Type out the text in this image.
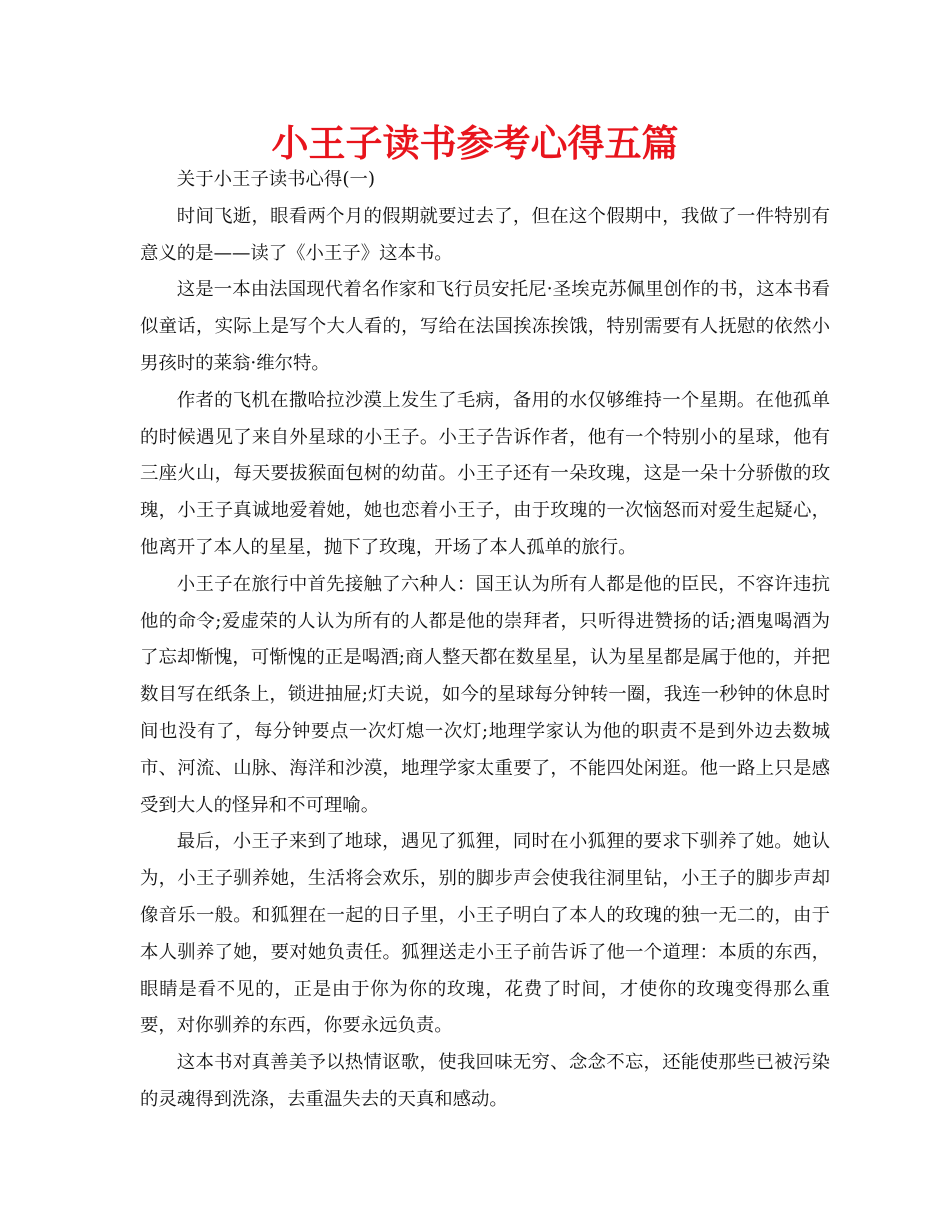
小王子读书参考心得五篇

关于小王子读书心得(一)

时间飞逝，眼看两个月的假期就要过去了，但在这个假期中，我做了一件特别有意义的是——读了《小王子》这本书。

这是一本由法国现代着名作家和飞行员安托尼·圣埃克苏佩里创作的书，这本书看似童话，实际上是写个大人看的，写给在法国挨冻挨饿，特别需要有人抚慰的依然小男孩时的莱翁·维尔特。

作者的飞机在撒哈拉沙漠上发生了毛病，备用的水仅够维持一个星期。在他孤单的时候遇见了来自外星球的小王子。小王子告诉作者，他有一个特别小的星球，他有三座火山，每天要拔猴面包树的幼苗。小王子还有一朵玫瑰，这是一朵十分骄傲的玫瑰，小王子真诚地爱着她，她也恋着小王子，由于玫瑰的一次恼怒而对爱生起疑心，他离开了本人的星星，抛下了玫瑰，开场了本人孤单的旅行。

小王子在旅行中首先接触了六种人：国王认为所有人都是他的臣民，不容许违抗他的命令;爱虚荣的人认为所有的人都是他的崇拜者，只听得进赞扬的话;酒鬼喝酒为了忘却惭愧，可惭愧的正是喝酒;商人整天都在数星星，认为星星都是属于他的，并把数目写在纸条上，锁进抽屉;灯夫说，如今的星球每分钟转一圈，我连一秒钟的休息时间也没有了，每分钟要点一次灯熄一次灯;地理学家认为他的职责不是到外边去数城市、河流、山脉、海洋和沙漠，地理学家太重要了，不能四处闲逛。他一路上只是感受到大人的怪异和不可理喻。

最后，小王子来到了地球，遇见了狐狸，同时在小狐狸的要求下驯养了她。她认为，小王子驯养她，生活将会欢乐，别的脚步声会使我往洞里钻，小王子的脚步声却像音乐一般。和狐狸在一起的日子里，小王子明白了本人的玫瑰的独一无二的，由于本人驯养了她，要对她负责任。狐狸送走小王子前告诉了他一个道理：本质的东西，眼睛是看不见的，正是由于你为你的玫瑰，花费了时间，才使你的玫瑰变得那么重要，对你驯养的东西，你要永远负责。

这本书对真善美予以热情讴歌，使我回味无穷、念念不忘，还能使那些已被污染的灵魂得到洗涤，去重温失去的天真和感动。
